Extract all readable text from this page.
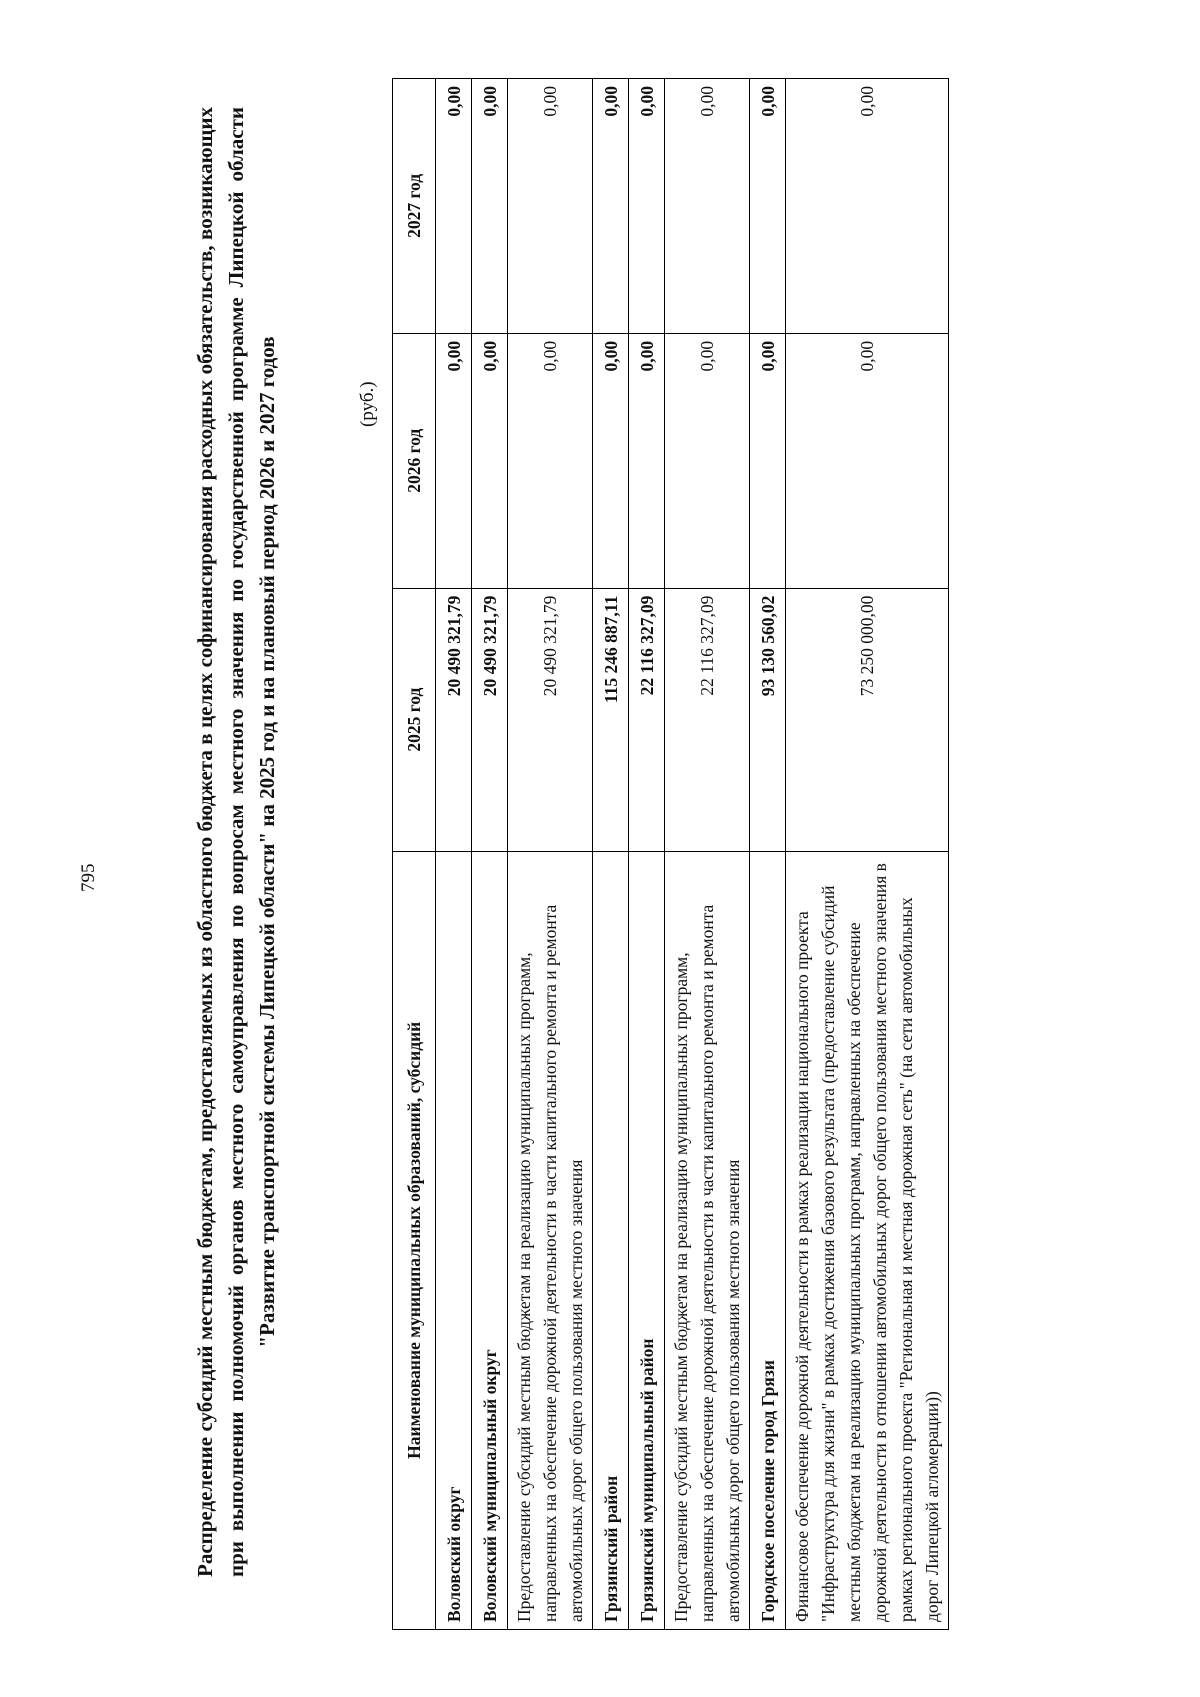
795	Распределение субсидий местным бюджетам, предоставляемых из областного бюджета в целях софинансирования расходных обязательств, возникающих при выполнении полномочий органов местного самоуправления по вопросам местного значения по государственной программе Липецкой области "Развитие транспортной системы Липецкой области" на 2025 год и на плановый период 2026 и 2027 годов	(руб.)
Наименование муниципальных образований, субсидий	2025 год	2026 год	2027 год
Воловский округ	20 490 321,79	0,00	0,00
Воловский муниципальный округ	20 490 321,79	0,00	0,00
Предоставление субсидий местным бюджетам на реализацию муниципальных программ, направленных на обеспечение дорожной деятельности в части капитального ремонта и ремонта автомобильных дорог общего пользования местного значения	20 490 321,79	0,00	0,00
Грязинский район	115 246 887,11	0,00	0,00
Грязинский муниципальный район	22 116 327,09	0,00	0,00
Предоставление субсидий местным бюджетам на реализацию муниципальных программ, направленных на обеспечение дорожной деятельности в части капитального ремонта и ремонта автомобильных дорог общего пользования местного значения	22 116 327,09	0,00	0,00
Городское поселение город Грязи	93 130 560,02	0,00	0,00
Финансовое обеспечение дорожной деятельности в рамках реализации национального проекта "Инфраструктура для жизни" в рамках достижения базового результата (предоставление субсидий местным бюджетам на реализацию муниципальных программ, направленных на обеспечение дорожной деятельности в отношении автомобильных дорог общего пользования местного значения в рамках регионального проекта "Региональная и местная дорожная сеть" (на сети автомобильных дорог Липецкой агломерации))	73 250 000,00	0,00	0,00
